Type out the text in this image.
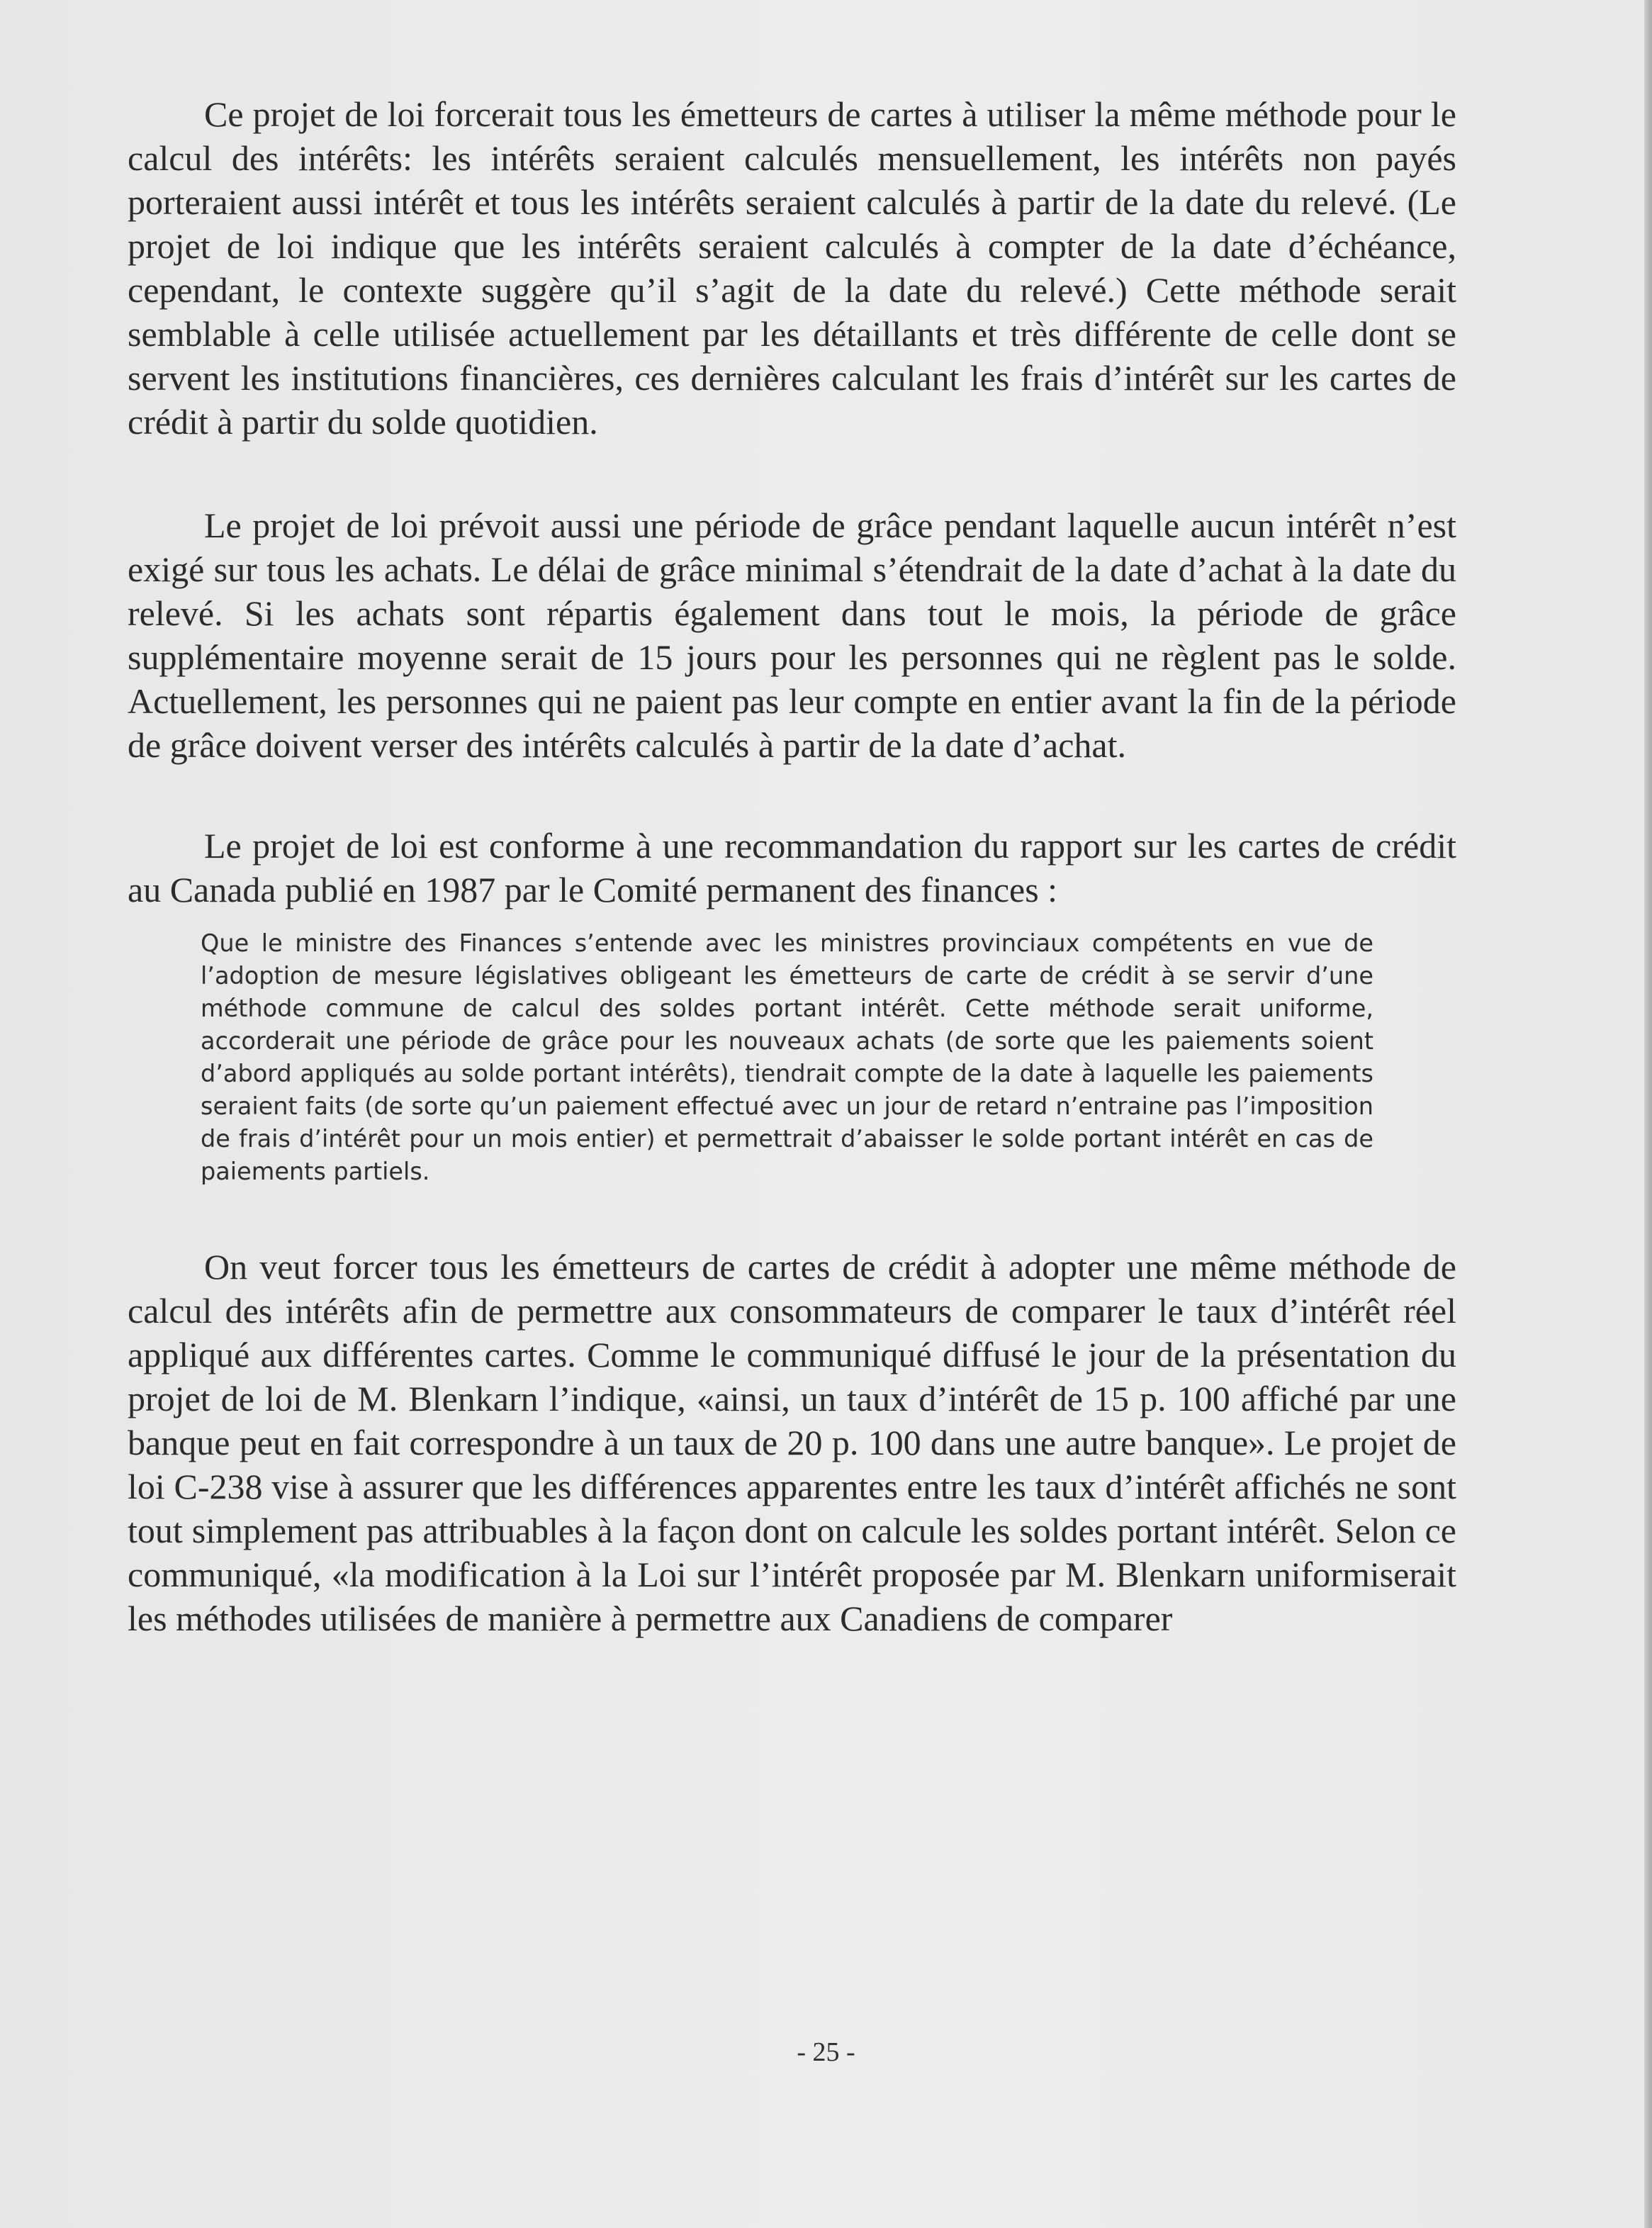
Ce projet de loi forcerait tous les émetteurs de cartes à utiliser la même méthode pour le calcul des intérêts: les intérêts seraient calculés mensuellement, les intérêts non payés porteraient aussi intérêt et tous les intérêts seraient calculés à partir de la date du relevé. (Le projet de loi indique que les intérêts seraient calculés à compter de la date d’échéance, cependant, le contexte suggère qu’il s’agit de la date du relevé.) Cette méthode serait semblable à celle utilisée actuellement par les détaillants et très différente de celle dont se servent les institutions financières, ces dernières calculant les frais d’intérêt sur les cartes de crédit à partir du solde quotidien.

Le projet de loi prévoit aussi une période de grâce pendant laquelle aucun intérêt n’est exigé sur tous les achats. Le délai de grâce minimal s’étendrait de la date d’achat à la date du relevé. Si les achats sont répartis également dans tout le mois, la période de grâce supplémentaire moyenne serait de 15 jours pour les personnes qui ne règlent pas le solde. Actuellement, les personnes qui ne paient pas leur compte en entier avant la fin de la période de grâce doivent verser des intérêts calculés à partir de la date d’achat.

Le projet de loi est conforme à une recommandation du rapport sur les cartes de crédit au Canada publié en 1987 par le Comité permanent des finances :

Que le ministre des Finances s’entende avec les ministres provinciaux compétents en vue de l’adoption de mesure législatives obligeant les émetteurs de carte de crédit à se servir d’une méthode commune de calcul des soldes portant intérêt. Cette méthode serait uniforme, accorderait une période de grâce pour les nouveaux achats (de sorte que les paiements soient d’abord appliqués au solde portant intérêts), tiendrait compte de la date à laquelle les paiements seraient faits (de sorte qu’un paiement effectué avec un jour de retard n’entraine pas l’imposition de frais d’intérêt pour un mois entier) et permettrait d’abaisser le solde portant intérêt en cas de paiements partiels.

On veut forcer tous les émetteurs de cartes de crédit à adopter une même méthode de calcul des intérêts afin de permettre aux consommateurs de comparer le taux d’intérêt réel appliqué aux différentes cartes. Comme le communiqué diffusé le jour de la présentation du projet de loi de M. Blenkarn l’indique, «ainsi, un taux d’intérêt de 15 p. 100 affiché par une banque peut en fait correspondre à un taux de 20 p. 100 dans une autre banque». Le projet de loi C-238 vise à assurer que les différences apparentes entre les taux d’intérêt affichés ne sont tout simplement pas attribuables à la façon dont on calcule les soldes portant intérêt. Selon ce communiqué, «la modification à la Loi sur l’intérêt proposée par M. Blenkarn uniformiserait les méthodes utilisées de manière à permettre aux Canadiens de comparer

- 25 -
